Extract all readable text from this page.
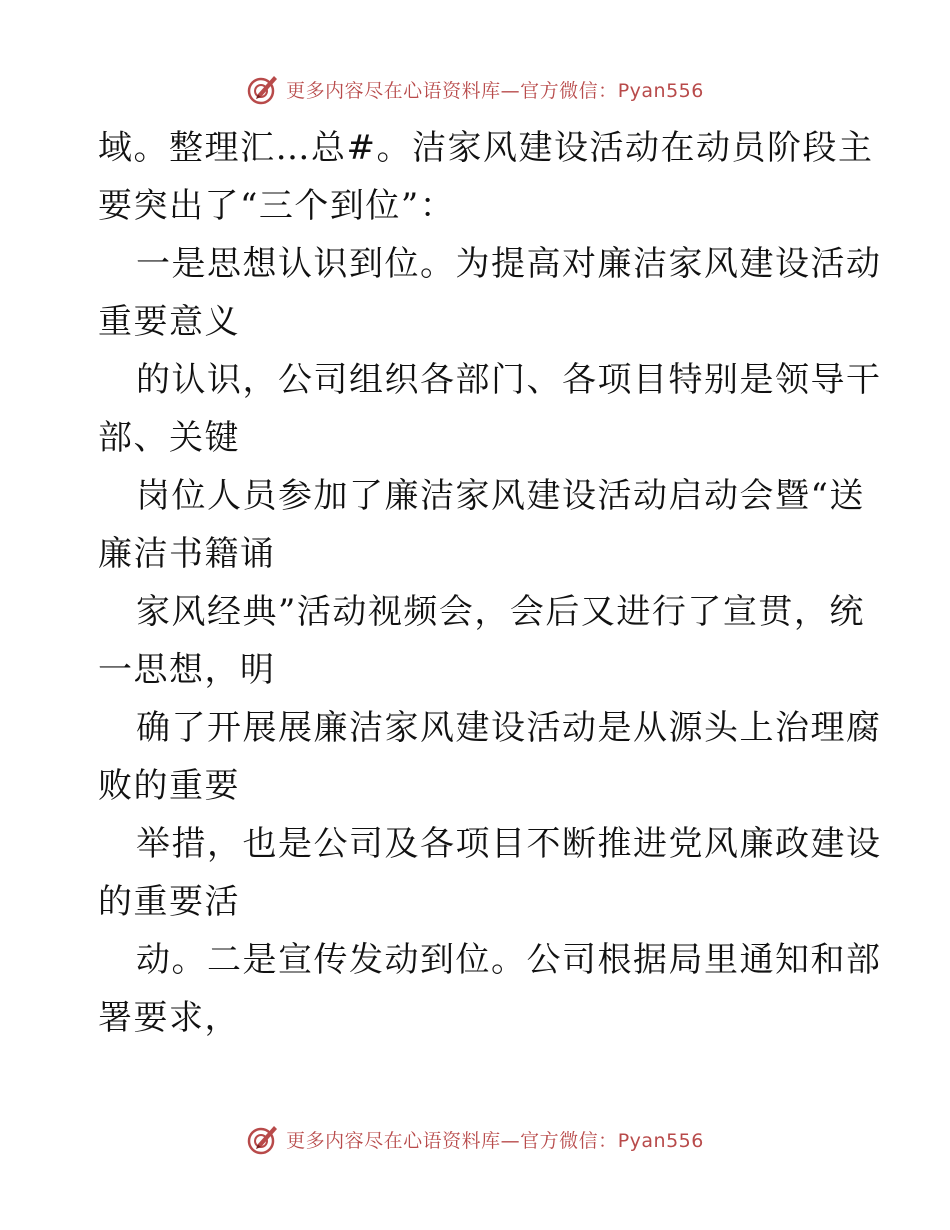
更多内容尽在心语资料库—官方微信：Pyan556
域。整理汇…总#。洁家风建设活动在动员阶段主
要突出了“三个到位”：
一是思想认识到位。为提高对廉洁家风建设活动
重要意义
的认识，公司组织各部门、各项目特别是领导干
部、关键
岗位人员参加了廉洁家风建设活动启动会暨“送
廉洁书籍诵
家风经典”活动视频会，会后又进行了宣贯，统
一思想，明
确了开展展廉洁家风建设活动是从源头上治理腐
败的重要
举措，也是公司及各项目不断推进党风廉政建设
的重要活
动。二是宣传发动到位。公司根据局里通知和部
署要求，
更多内容尽在心语资料库—官方微信：Pyan556
